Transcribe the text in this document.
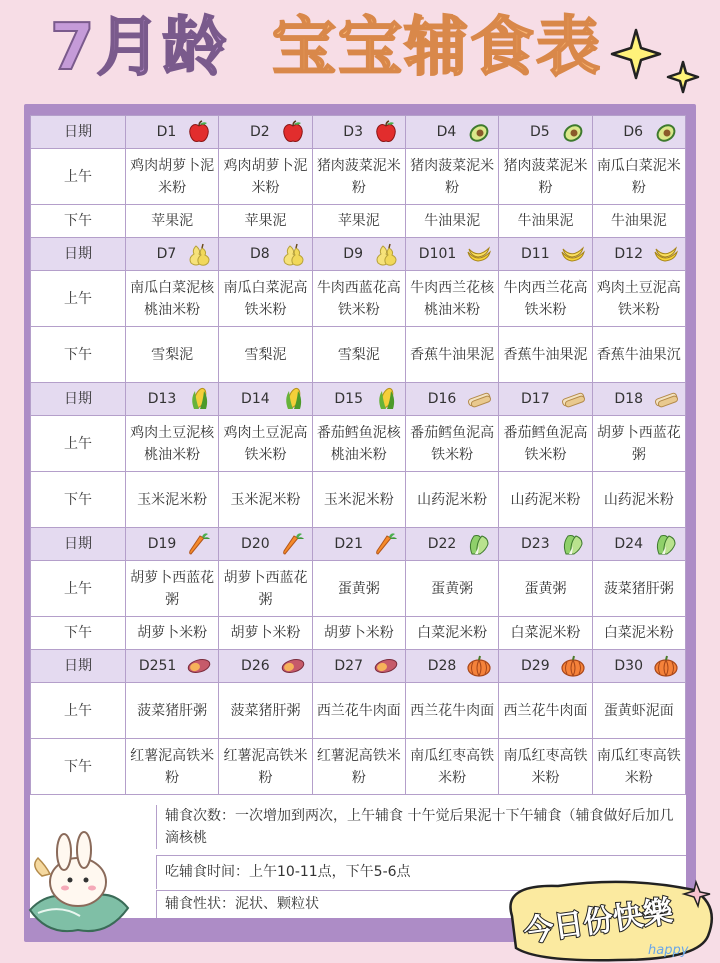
7月龄 宝宝辅食表
日期	D1	D2	D3	D4	D5	D6

上午	鸡肉胡萝卜泥 米粉	鸡肉胡萝卜泥 米粉	猪肉菠菜泥米粉	猪肉菠菜泥米粉	猪肉菠菜泥米粉	南瓜白菜泥米粉
下午	苹果泥	苹果泥	苹果泥	牛油果泥	牛油果泥	牛油果泥
日期	D7	D8	D9	D101	D11	D12

上午	南瓜白菜泥核桃油米粉	南瓜白菜泥高铁米粉	牛肉西蓝花高铁米粉	牛肉西兰花核桃油米粉	牛肉西兰花高铁米粉	鸡肉土豆泥高铁米粉
下午	雪梨泥	雪梨泥	雪梨泥	香蕉牛油果泥	香蕉牛油果泥	香蕉牛油果沉
日期	D13	D14	D15	D16	D17	D18

上午	鸡肉土豆泥核桃油米粉	鸡肉土豆泥高铁米粉	番茄鳕鱼泥核桃油米粉	番茄鳕鱼泥高铁米粉	番茄鳕鱼泥高铁米粉	胡萝卜西蓝花粥
下午	玉米泥米粉	玉米泥米粉	玉米泥米粉	山药泥米粉	山药泥米粉	山药泥米粉
日期	D19	D20	D21	D22	D23	D24

上午	胡萝卜西蓝花粥	胡萝卜西蓝花粥	蛋黄粥	蛋黄粥	蛋黄粥	菠菜猪肝粥
下午	胡萝卜米粉	胡萝卜米粉	胡萝卜米粉	白菜泥米粉	白菜泥米粉	白菜泥米粉
日期	D251	D26	D27	D28	D29	D30

上午	菠菜猪肝粥	菠菜猪肝粥	西兰花牛肉面	西兰花牛肉面	西兰花牛肉面	蛋黄虾泥面
下午	红薯泥高铁米粉	红薯泥高铁米粉	红薯泥高铁米粉	南瓜红枣高铁米粉	南瓜红枣高铁米粉	南瓜红枣高铁米粉
辅食次数：一次增加到两次，上午辅食 十午觉后果泥十下午辅食（辅食做好后加几滴核桃
吃辅食时间：上午10-11点，下午5-6点
辅食性状：泥状、颗粒状	今日份快樂
happy
